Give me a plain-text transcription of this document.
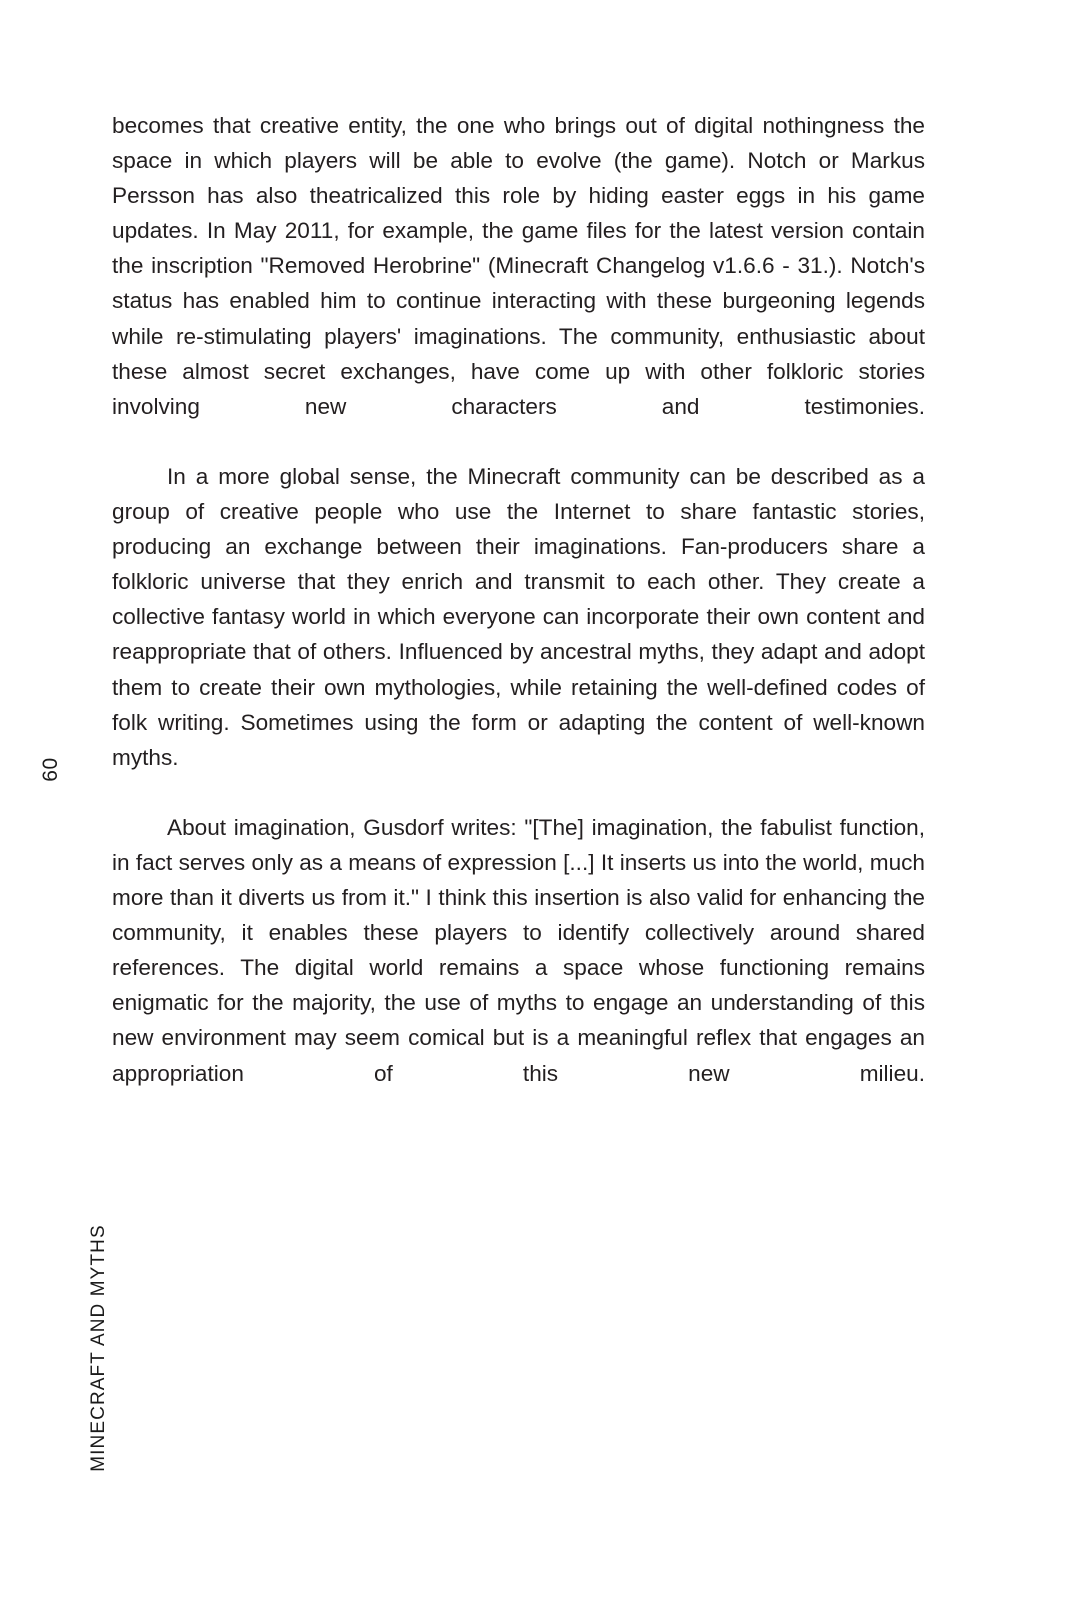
60
MINECRAFT AND MYTHS

becomes that creative entity, the one who brings out of digital nothingness the space in which players will be able to evolve (the game). Notch or Markus Persson has also theatricalized this role by hiding easter eggs in his game updates. In May 2011, for example, the game files for the latest version contain the inscription "Removed Herobrine" (Minecraft Changelog v1.6.6 - 31.). Notch's status has enabled him to continue interacting with these burgeoning legends while re-stimulating players' imaginations. The community, enthusiastic about these almost secret exchanges, have come up with other folkloric stories involving new characters and testimonies.

In a more global sense, the Minecraft community can be described as a group of creative people who use the Internet to share fantastic stories, producing an exchange between their imaginations. Fan-producers share a folkloric universe that they enrich and transmit to each other. They create a collective fantasy world in which everyone can incorporate their own content and reappropriate that of others. Influenced by ancestral myths, they adapt and adopt them to create their own mythologies, while retaining the well-defined codes of folk writing. Sometimes using the form or adapting the content of well-known myths.

About imagination, Gusdorf writes: "[The] imagination, the fabulist function, in fact serves only as a means of expression [...] It inserts us into the world, much more than it diverts us from it." I think this insertion is also valid for enhancing the community, it enables these players to identify collectively around shared references. The digital world remains a space whose functioning remains enigmatic for the majority, the use of myths to engage an understanding of this new environment may seem comical but is a meaningful reflex that engages an appropriation of this new milieu.
